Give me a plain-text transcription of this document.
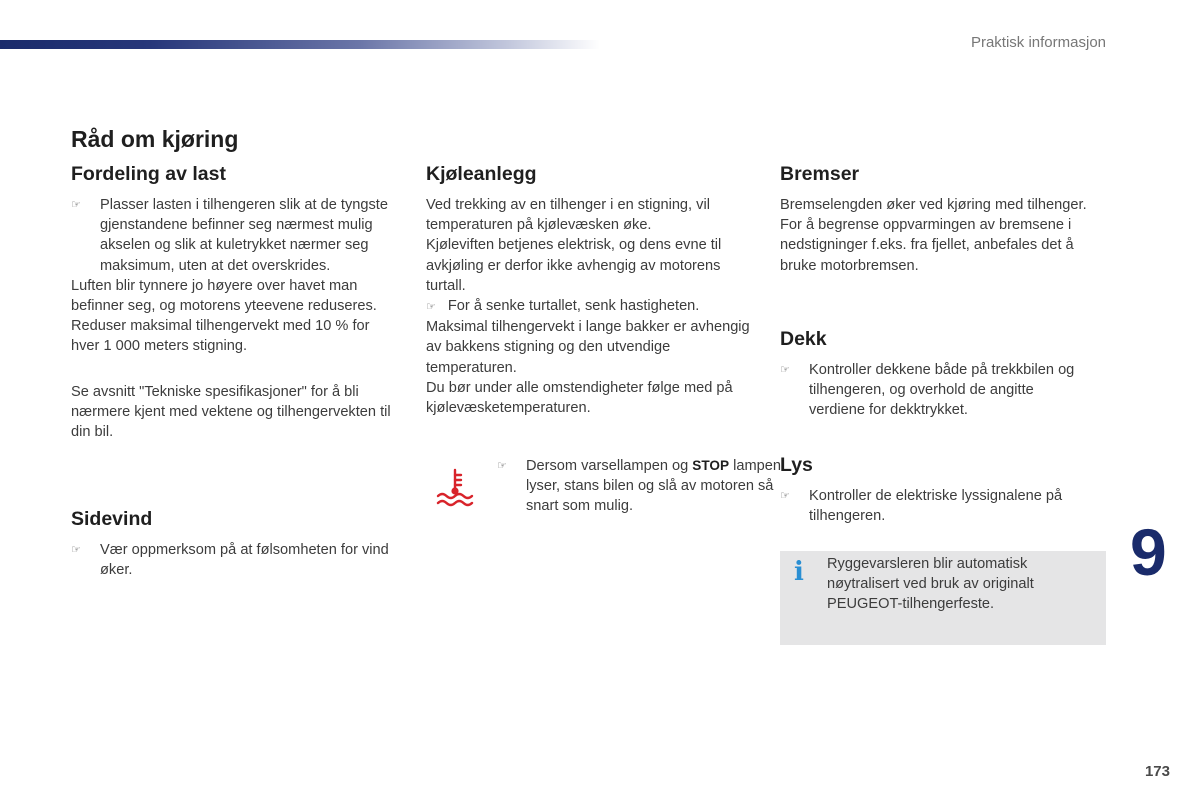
Praktisk informasjon
Råd om kjøring
Fordeling av last
☞ Plasser lasten i tilhengeren slik at de tyngste gjenstandene befinner seg nærmest mulig akselen og slik at kuletrykket nærmer seg maksimum, uten at det overskrides.

Luften blir tynnere jo høyere over havet man befinner seg, og motorens yteevene reduseres. Reduser maksimal tilhengervekt med 10 % for hver 1 000 meters stigning.

Se avsnitt "Tekniske spesifikasjoner" for å bli nærmere kjent med vektene og tilhengervekten til din bil.

Sidevind
☞ Vær oppmerksom på at følsomheten for vind øker.
Kjøleanlegg

Ved trekking av en tilhenger i en stigning, vil temperaturen på kjølevæsken øke.

Kjøleviften betjenes elektrisk, og dens evne til avkjøling er derfor ikke avhengig av motorens turtall.

☞ For å senke turtallet, senk hastigheten.

Maksimal tilhengervekt i lange bakker er avhengig av bakkens stigning og den utvendige temperaturen.

Du bør under alle omstendigheter følge med på kjølevæsketemperaturen.

☞ Dersom varsellampen og STOP lampen lyser, stans bilen og slå av motoren så snart som mulig.
Bremser

Bremselengden øker ved kjøring med tilhenger. For å begrense oppvarmingen av bremsene i nedstigninger f.eks. fra fjellet, anbefales det å bruke motorbremsen.

Dekk
☞ Kontroller dekkene både på trekkbilen og tilhengeren, og overhold de angitte verdiene for dekktrykket.
Lys
☞ Kontroller de elektriske lyssignalene på tilhengeren.
i Ryggevarsleren blir automatisk nøytralisert ved bruk av originalt PEUGEOT-tilhengerfeste.

9
173
